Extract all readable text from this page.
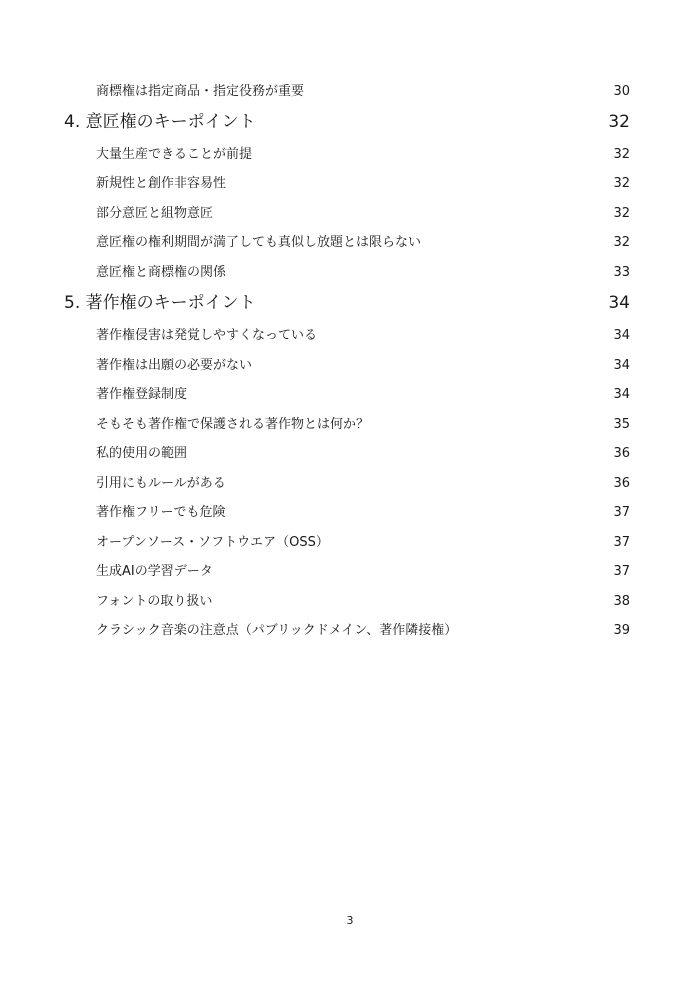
商標権は指定商品・指定役務が重要	30
4. 意匠権のキーポイント	32
大量生産できることが前提	32
新規性と創作非容易性	32
部分意匠と組物意匠	32
意匠権の権利期間が満了しても真似し放題とは限らない	32
意匠権と商標権の関係	33
5. 著作権のキーポイント	34
著作権侵害は発覚しやすくなっている	34
著作権は出願の必要がない	34
著作権登録制度	34
そもそも著作権で保護される著作物とは何か？	35
私的使用の範囲	36
引用にもルールがある	36
著作権フリーでも危険	37
オープンソース・ソフトウエア（OSS）	37
生成AIの学習データ	37
フォントの取り扱い	38
クラシック音楽の注意点（パブリックドメイン、著作隣接権）	39
3
